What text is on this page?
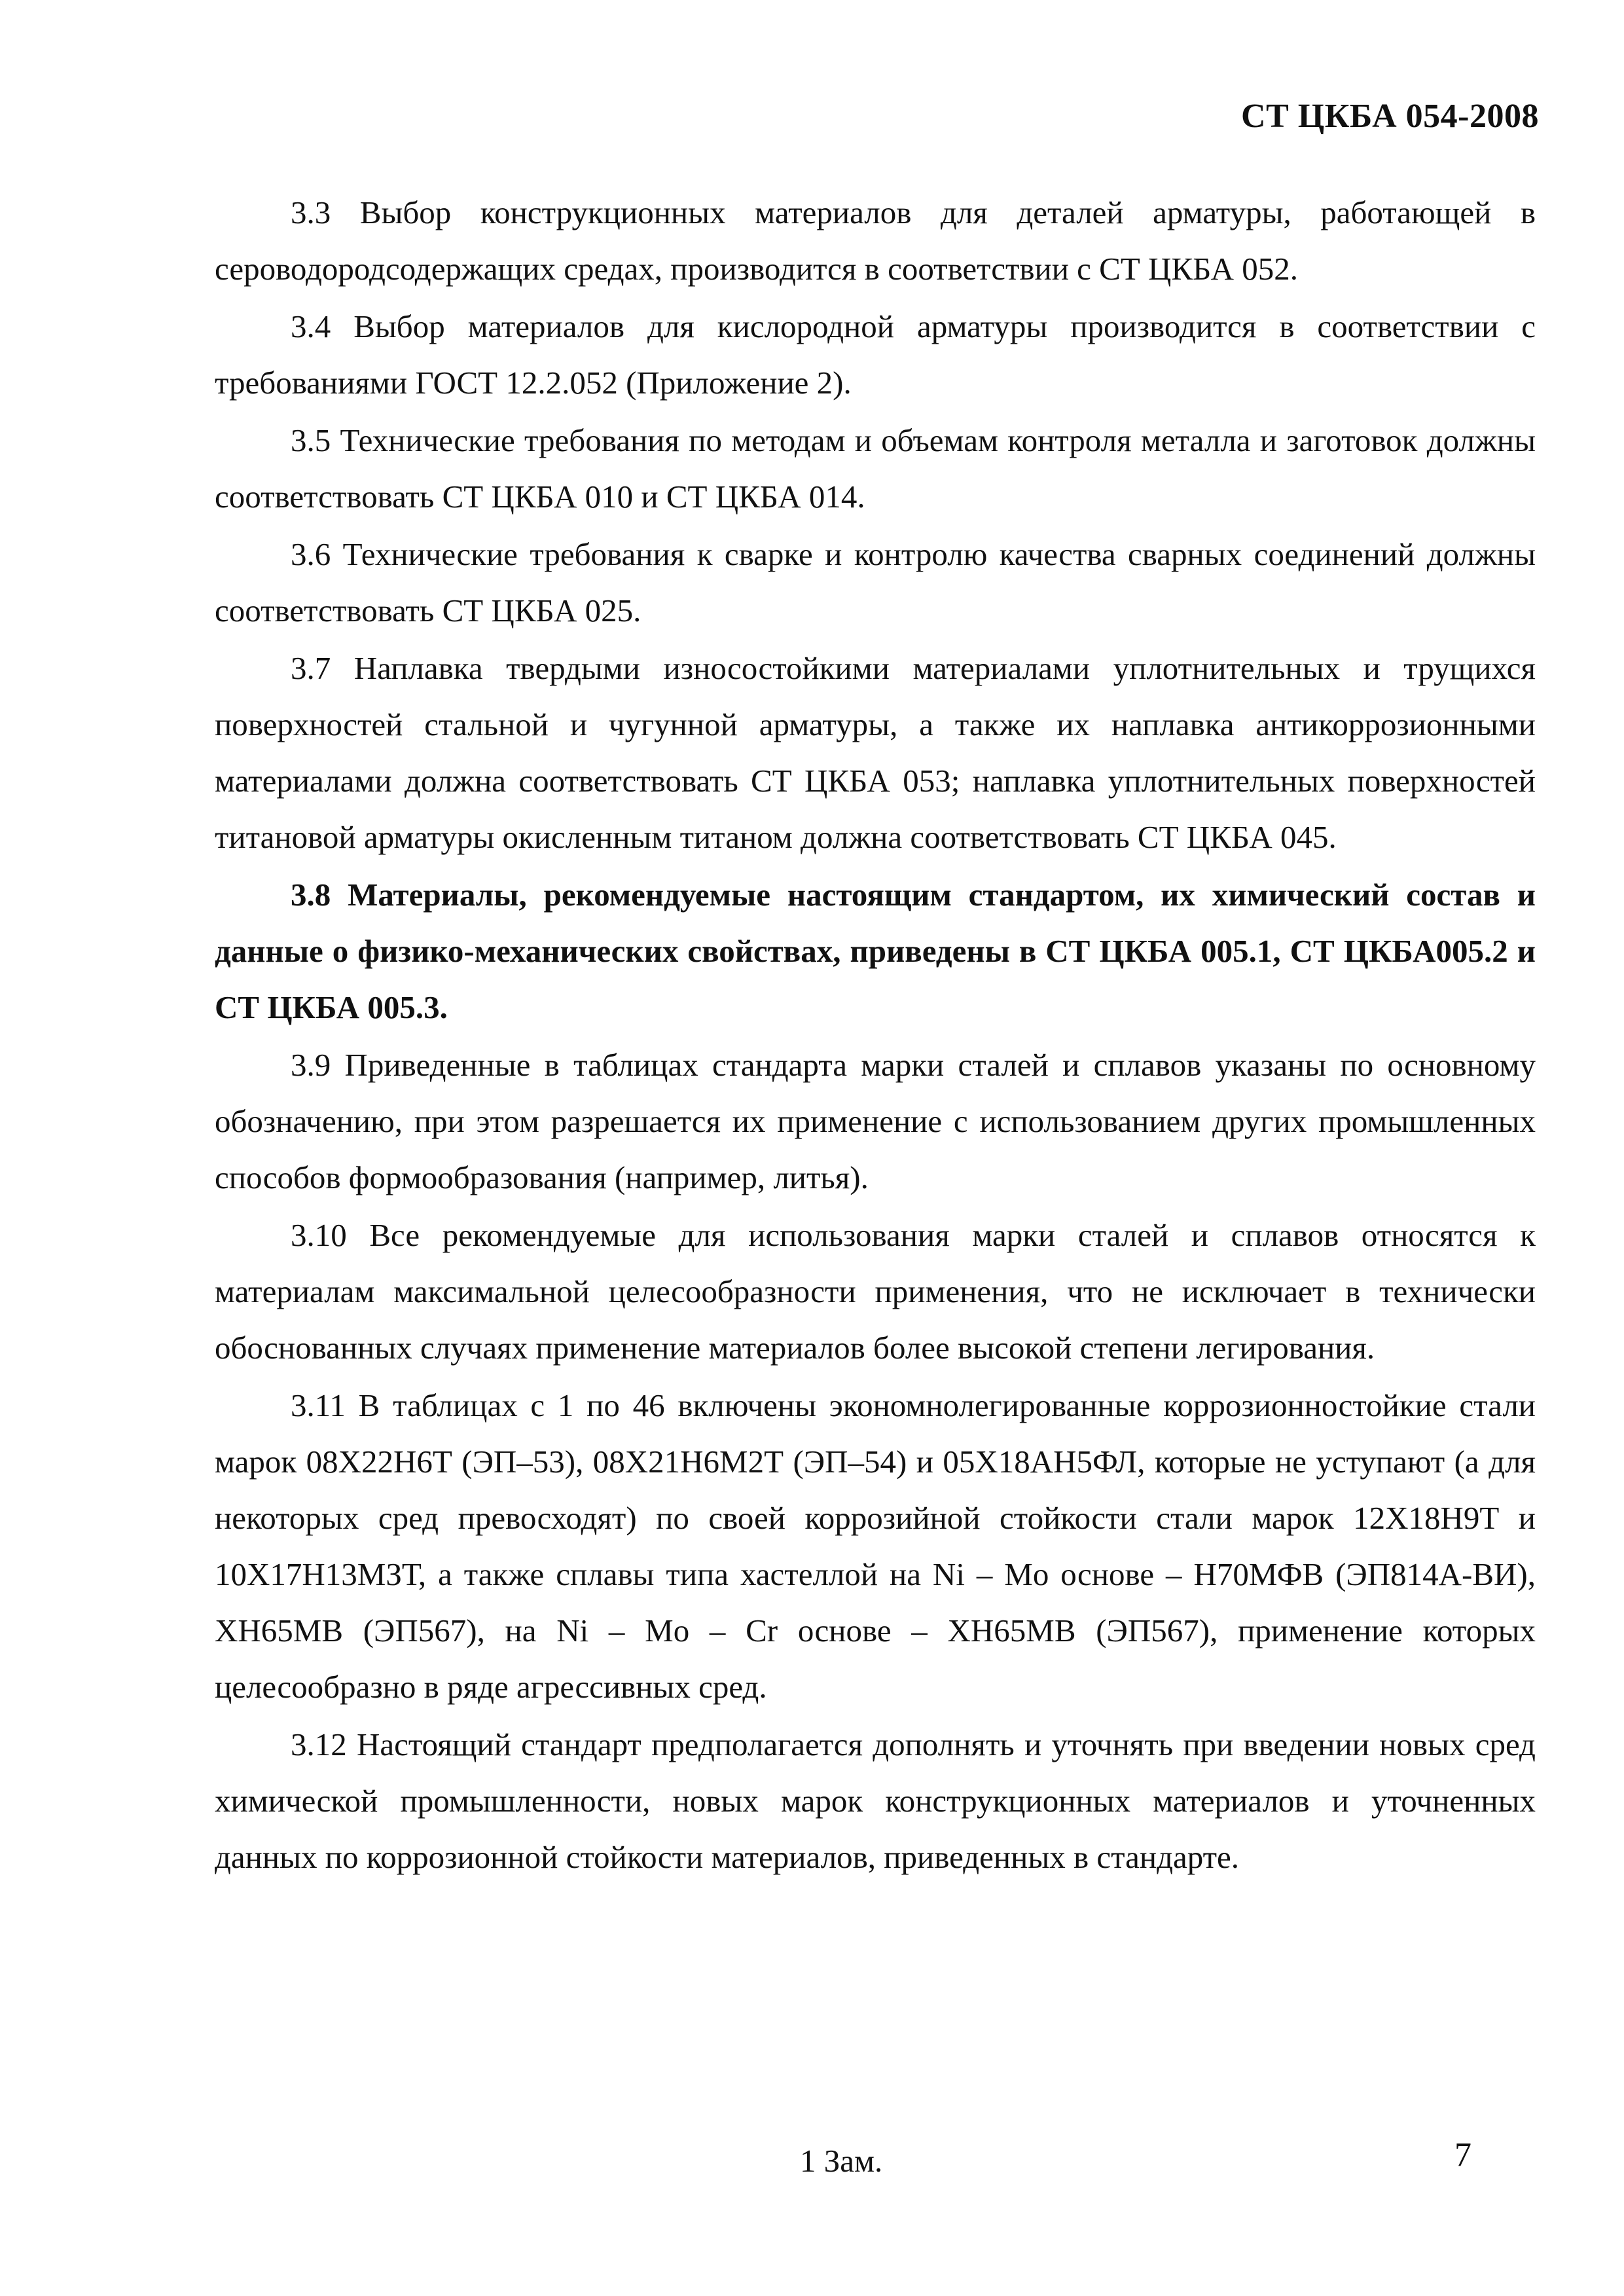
СТ ЦКБА 054-2008

3.3 Выбор конструкционных материалов для деталей арматуры, работающей в сероводородсодержащих средах, производится в соответствии с СТ ЦКБА 052.

3.4 Выбор материалов для кислородной арматуры производится в соответствии с требованиями ГОСТ 12.2.052 (Приложение 2).

3.5 Технические требования по методам и объемам контроля металла и заготовок должны соответствовать СТ ЦКБА 010 и СТ ЦКБА 014.

3.6 Технические требования к сварке и контролю качества сварных соединений должны соответствовать СТ ЦКБА 025.

3.7 Наплавка твердыми износостойкими материалами уплотнительных и трущихся поверхностей стальной и чугунной арматуры, а также их наплавка антикоррозионными материалами должна соответствовать СТ ЦКБА 053; наплавка уплотнительных поверхностей титановой арматуры окисленным титаном должна соответствовать СТ ЦКБА 045.

3.8 Материалы, рекомендуемые настоящим стандартом, их химический состав и данные о физико-механических свойствах, приведены в СТ ЦКБА 005.1, СТ ЦКБА005.2 и СТ ЦКБА 005.3.

3.9 Приведенные в таблицах стандарта марки сталей и сплавов указаны по основному обозначению, при этом разрешается их применение с использованием других промышленных способов формообразования (например, литья).

3.10 Все рекомендуемые для использования марки сталей и сплавов относятся к материалам максимальной целесообразности применения, что не исключает в технически обоснованных случаях применение материалов более высокой степени легирования.

3.11 В таблицах с 1 по 46 включены экономнолегированные коррозионностойкие стали марок 08Х22Н6Т (ЭП–53), 08Х21Н6М2Т (ЭП–54) и 05Х18АН5ФЛ, которые не уступают (а для некоторых сред превосходят) по своей коррозийной стойкости стали марок 12Х18Н9Т и 10Х17Н13МЗТ, а также сплавы типа хастеллой на Ni – Mo основе – Н70МФВ (ЭП814А-ВИ), ХН65МВ (ЭП567), на Ni – Mo – Cr основе – ХН65МВ (ЭП567), применение которых целесообразно в ряде агрессивных сред.

3.12 Настоящий стандарт предполагается дополнять и уточнять при введении новых сред химической промышленности, новых марок конструкционных материалов и уточненных данных по коррозионной стойкости материалов, приведенных в стандарте.

1 Зам.	7
